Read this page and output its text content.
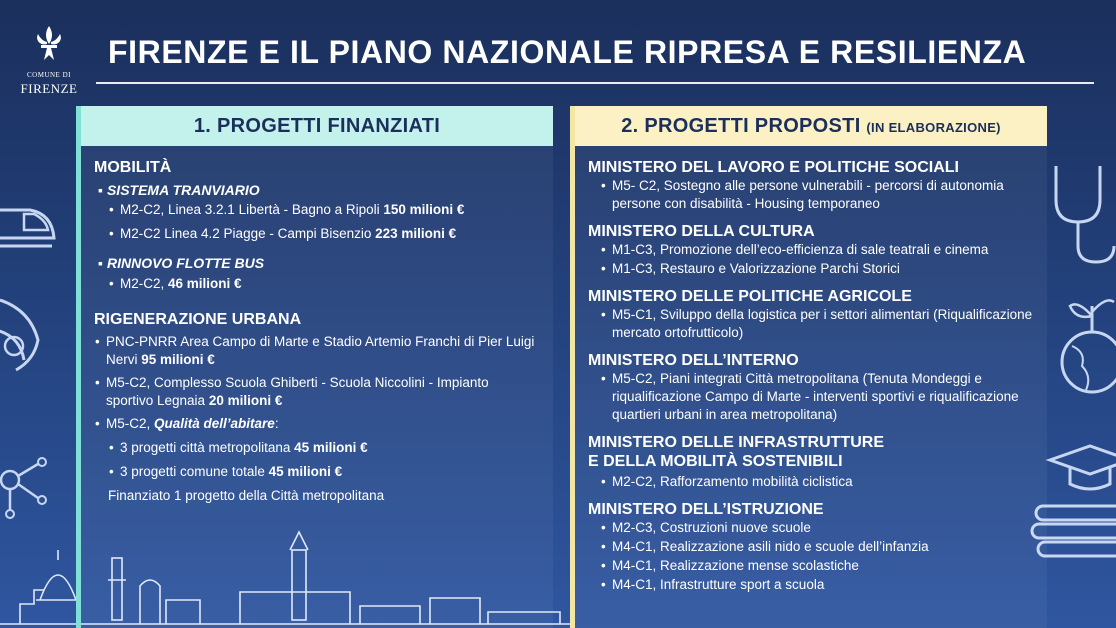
COMUNE DI
FIRENZE
FIRENZE E IL PIANO NAZIONALE RIPRESA E RESILIENZA
1. PROGETTI FINANZIATI
MOBILITÀ
▪ SISTEMA TRANVIARIO
• M2-C2, Linea 3.2.1 Libertà - Bagno a Ripoli 150 milioni €
• M2-C2 Linea 4.2 Piagge - Campi Bisenzio 223 milioni €
▪ RINNOVO FLOTTE BUS
• M2-C2, 46 milioni €
RIGENERAZIONE URBANA
• PNC-PNRR Area Campo di Marte e Stadio Artemio Franchi di Pier Luigi Nervi 95 milioni €
• M5-C2, Complesso Scuola Ghiberti - Scuola Niccolini - Impianto sportivo Legnaia 20 milioni €
• M5-C2, Qualità dell’abitare:
• 3 progetti città metropolitana 45 milioni €
• 3 progetti comune totale 45 milioni €
Finanziato 1 progetto della Città metropolitana
2. PROGETTI PROPOSTI (IN ELABORAZIONE)
MINISTERO DEL LAVORO E POLITICHE SOCIALI
• M5- C2, Sostegno alle persone vulnerabili - percorsi di autonomia persone con disabilità - Housing temporaneo
MINISTERO DELLA CULTURA
• M1-C3, Promozione dell’eco-efficienza di sale teatrali e cinema
• M1-C3, Restauro e Valorizzazione Parchi Storici
MINISTERO DELLE POLITICHE AGRICOLE
• M5-C1, Sviluppo della logistica per i settori alimentari (Riqualificazione mercato ortofrutticolo)
MINISTERO DELL’INTERNO
• M5-C2, Piani integrati Città metropolitana (Tenuta Mondeggi e riqualificazione Campo di Marte - interventi sportivi e riqualificazione quartieri urbani in area metropolitana)
MINISTERO DELLE INFRASTRUTTURE
E DELLA MOBILITÀ SOSTENIBILI
• M2-C2, Rafforzamento mobilità ciclistica
MINISTERO DELL’ISTRUZIONE
• M2-C3, Costruzioni nuove scuole
• M4-C1, Realizzazione asili nido e scuole dell’infanzia
• M4-C1, Realizzazione mense scolastiche
• M4-C1, Infrastrutture sport a scuola
